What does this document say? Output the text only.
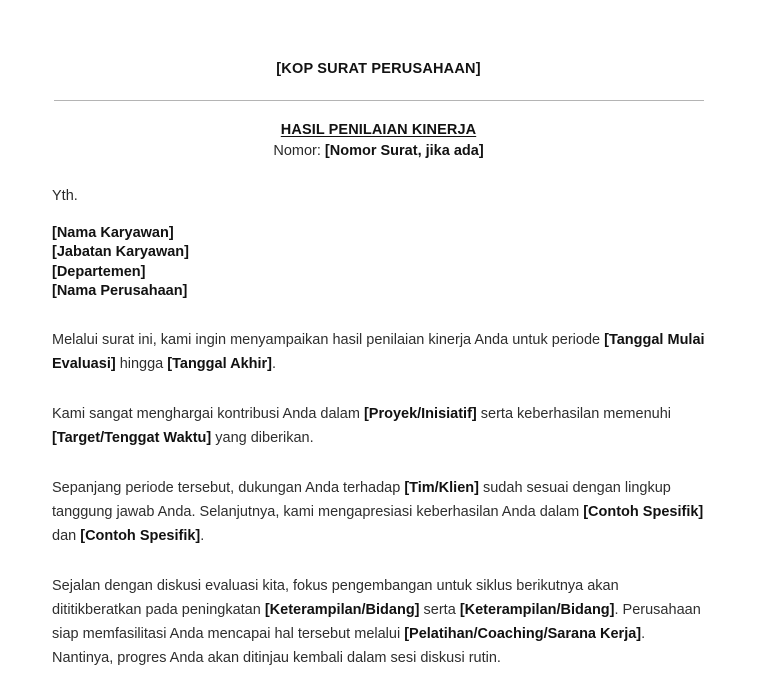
[KOP SURAT PERUSAHAAN]
HASIL PENILAIAN KINERJA
Nomor: [Nomor Surat, jika ada]
Yth.
[Nama Karyawan]
[Jabatan Karyawan]
[Departemen]
[Nama Perusahaan]

Melalui surat ini, kami ingin menyampaikan hasil penilaian kinerja Anda untuk periode [Tanggal Mulai Evaluasi] hingga [Tanggal Akhir].

Kami sangat menghargai kontribusi Anda dalam [Proyek/Inisiatif] serta keberhasilan memenuhi [Target/Tenggat Waktu] yang diberikan.

Sepanjang periode tersebut, dukungan Anda terhadap [Tim/Klien] sudah sesuai dengan lingkup tanggung jawab Anda. Selanjutnya, kami mengapresiasi keberhasilan Anda dalam [Contoh Spesifik] dan [Contoh Spesifik].

Sejalan dengan diskusi evaluasi kita, fokus pengembangan untuk siklus berikutnya akan dititikberatkan pada peningkatan [Keterampilan/Bidang] serta [Keterampilan/Bidang]. Perusahaan siap memfasilitasi Anda mencapai hal tersebut melalui [Pelatihan/Coaching/Sarana Kerja]. Nantinya, progres Anda akan ditinjau kembali dalam sesi diskusi rutin.
